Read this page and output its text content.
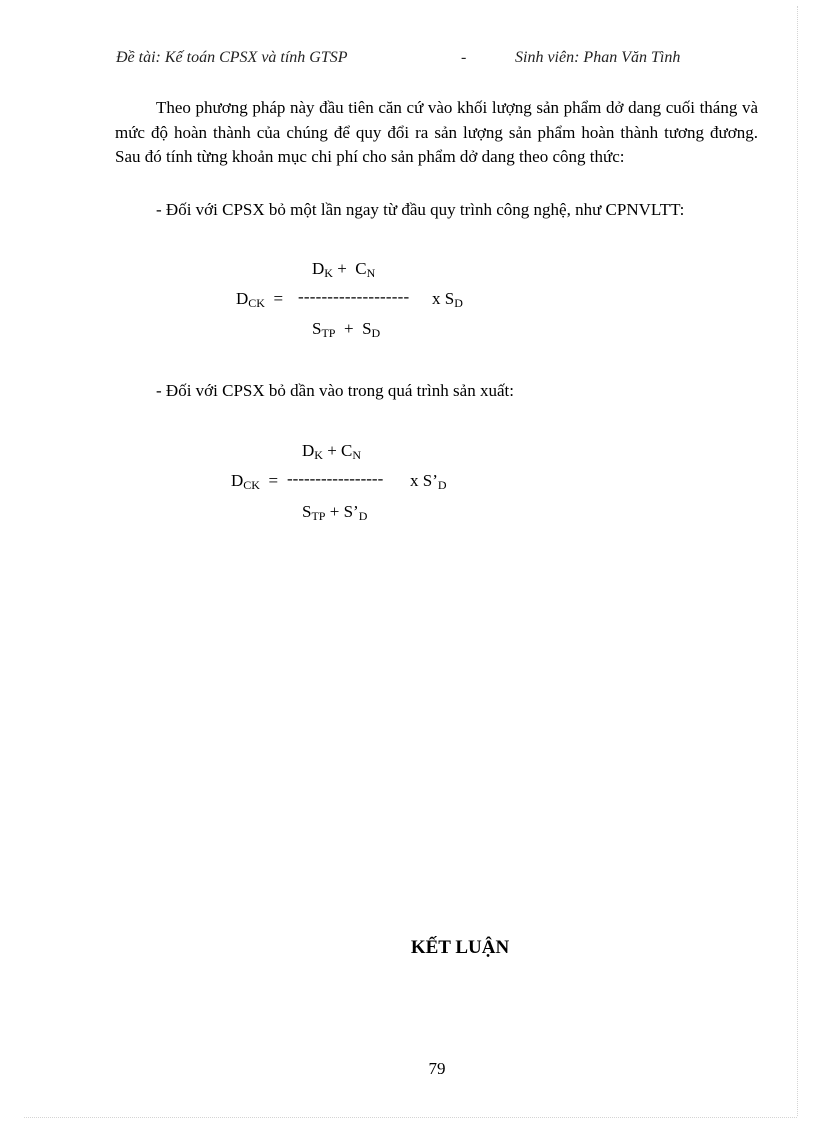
Đề tài: Kế toán CPSX và tính GTSP	-	Sinh viên: Phan Văn Tình

Theo phương pháp này đầu tiên căn cứ vào khối lượng sản phẩm dở dang cuối tháng và mức độ hoàn thành của chúng để quy đổi ra sản lượng sản phẩm hoàn thành tương đương. Sau đó tính từng khoản mục chi phí cho sản phẩm dở dang theo công thức:

- Đối với CPSX bỏ một lần ngay từ đầu quy trình công nghệ, như CPNVLTT:

$D_K + C_N$
$D_{CK}$ = ------------------- x $S_D$
$S_{TP} + S_D$

- Đối với CPSX bỏ dần vào trong quá trình sản xuất:

$D_K + C_N$
$D_{CK}$ = ----------------- x $S’_D$
$S_{TP}$ + $S’_D$
KẾT LUẬN
79
